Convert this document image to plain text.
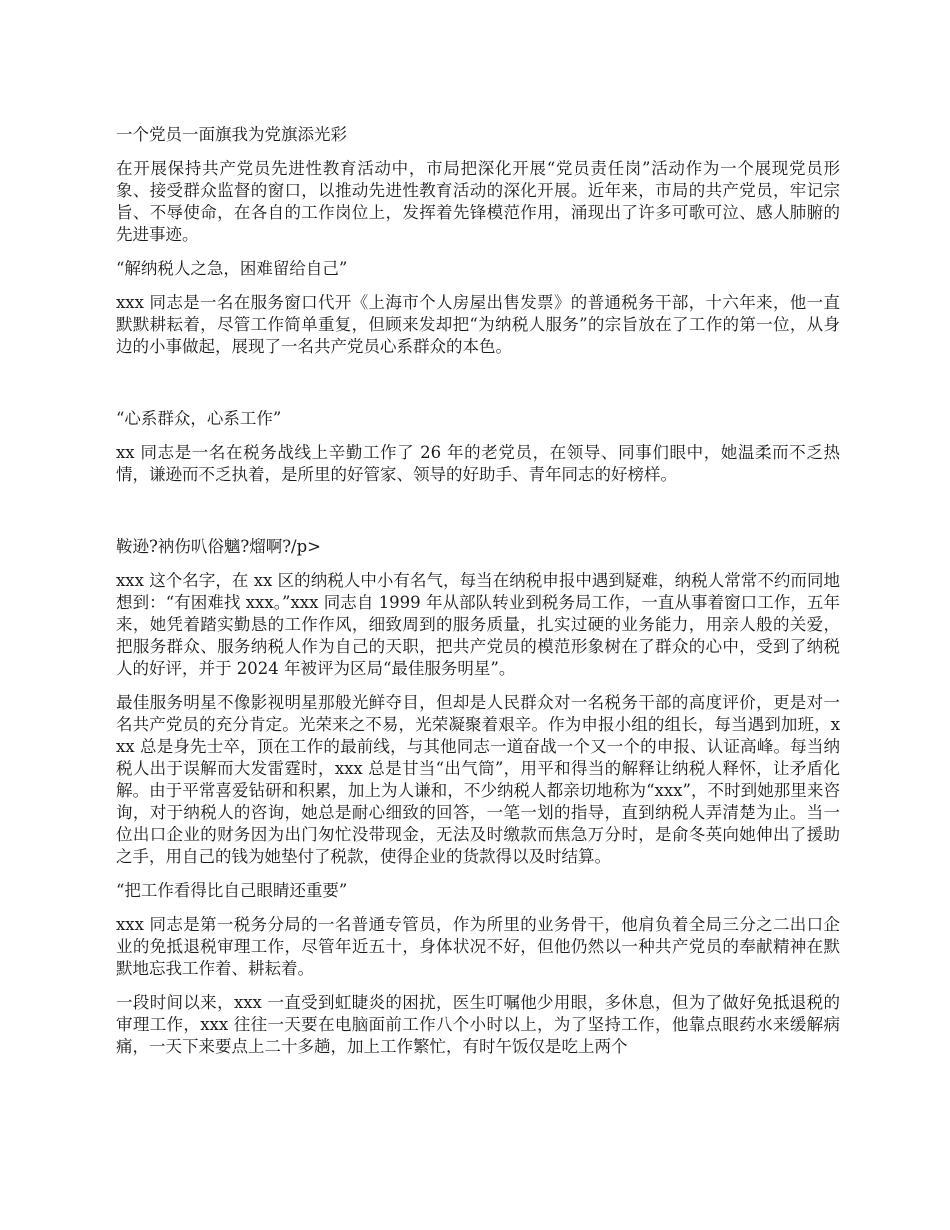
一个党员一面旗我为党旗添光彩

在开展保持共产党员先进性教育活动中，市局把深化开展“党员责任岗”活动作为一个展现党员形象、接受群众监督的窗口，以推动先进性教育活动的深化开展。近年来，市局的共产党员，牢记宗旨、不辱使命，在各自的工作岗位上，发挥着先锋模范作用，涌现出了许多可歌可泣、感人肺腑的先进事迹。

“解纳税人之急，困难留给自己”

xxx 同志是一名在服务窗口代开《上海市个人房屋出售发票》的普通税务干部，十六年来，他一直默默耕耘着，尽管工作简单重复，但顾来发却把“为纳税人服务”的宗旨放在了工作的第一位，从身边的小事做起，展现了一名共产党员心系群众的本色。

“心系群众，心系工作”

xx 同志是一名在税务战线上辛勤工作了 26 年的老党员，在领导、同事们眼中，她温柔而不乏热情，谦逊而不乏执着，是所里的好管家、领导的好助手、青年同志的好榜样。

鞍逊?衲伤叭俗魑?熘啊?/p>

xxx 这个名字，在 xx 区的纳税人中小有名气，每当在纳税申报中遇到疑难，纳税人常常不约而同地想到：“有困难找 xxx。”xxx 同志自 1999 年从部队转业到税务局工作，一直从事着窗口工作，五年来，她凭着踏实勤恳的工作作风，细致周到的服务质量，扎实过硬的业务能力，用亲人般的关爱，把服务群众、服务纳税人作为自己的天职，把共产党员的模范形象树在了群众的心中，受到了纳税人的好评，并于 2024 年被评为区局“最佳服务明星”。

最佳服务明星不像影视明星那般光鲜夺目，但却是人民群众对一名税务干部的高度评价，更是对一名共产党员的充分肯定。光荣来之不易，光荣凝聚着艰辛。作为申报小组的组长，每当遇到加班，xxx 总是身先士卒，顶在工作的最前线，与其他同志一道奋战一个又一个的申报、认证高峰。每当纳税人出于误解而大发雷霆时，xxx 总是甘当“出气筒”，用平和得当的解释让纳税人释怀，让矛盾化解。由于平常喜爱钻研和积累，加上为人谦和，不少纳税人都亲切地称为“xxx”，不时到她那里来咨询，对于纳税人的咨询，她总是耐心细致的回答，一笔一划的指导，直到纳税人弄清楚为止。当一位出口企业的财务因为出门匆忙没带现金，无法及时缴款而焦急万分时，是俞冬英向她伸出了援助之手，用自己的钱为她垫付了税款，使得企业的货款得以及时结算。

“把工作看得比自己眼睛还重要”

xxx 同志是第一税务分局的一名普通专管员，作为所里的业务骨干，他肩负着全局三分之二出口企业的免抵退税审理工作，尽管年近五十，身体状况不好，但他仍然以一种共产党员的奉献精神在默默地忘我工作着、耕耘着。

一段时间以来，xxx 一直受到虹睫炎的困扰，医生叮嘱他少用眼，多休息，但为了做好免抵退税的审理工作，xxx 往往一天要在电脑面前工作八个小时以上，为了坚持工作，他靠点眼药水来缓解病痛，一天下来要点上二十多趟，加上工作繁忙，有时午饭仅是吃上两个
